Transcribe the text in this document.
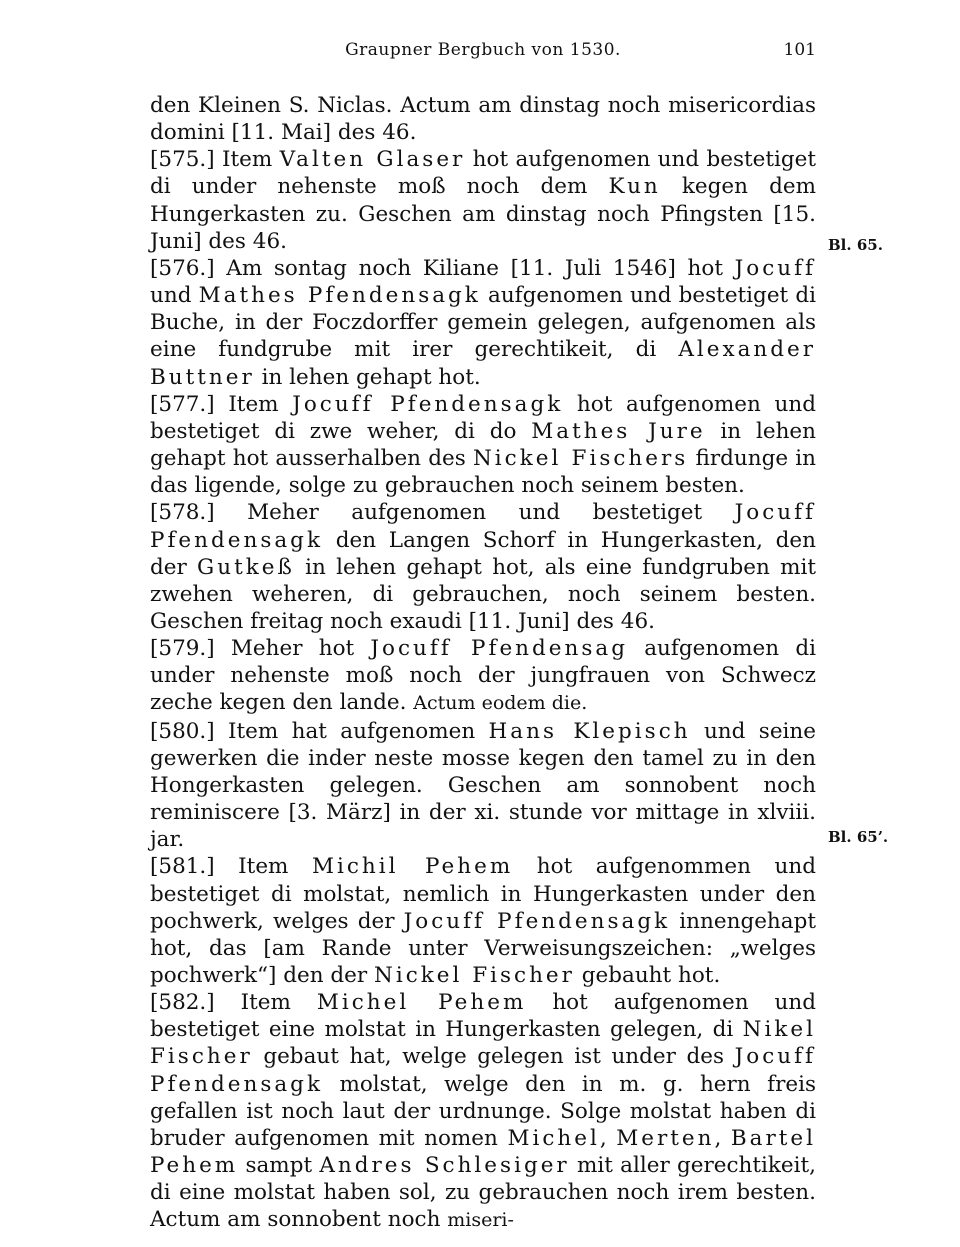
Graupner Bergbuch von 1530.	101
Bl. 65.
Bl. 65’.

den Kleinen S. Niclas. Actum am dinstag noch misericordias domini [11. Mai] des 46.

[575.] Item Valten Glaser hot aufgenomen und bestetiget di under nehenste moß noch dem Kun kegen dem Hungerkasten zu. Geschen am dinstag noch Pfingsten [15. Juni] des 46.

[576.] Am sontag noch Kiliane [11. Juli 1546] hot Jocuff und Mathes Pfendensagk aufgenomen und bestetiget di Buche, in der Foczdorffer gemein gelegen, aufgenomen als eine fundgrube mit irer gerechtikeit, di Alexander Buttner in lehen gehapt hot.

[577.] Item Jocuff Pfendensagk hot aufgenomen und bestetiget di zwe weher, di do Mathes Jure in lehen gehapt hot ausserhalben des Nickel Fischers firdunge in das ligende, solge zu gebrauchen noch seinem besten.

[578.] Meher aufgenomen und bestetiget Jocuff Pfendensagk den Langen Schorf in Hungerkasten, den der Gutkeß in lehen gehapt hot, als eine fundgruben mit zwehen weheren, di gebrauchen, noch seinem besten. Geschen freitag noch exaudi [11. Juni] des 46.

[579.] Meher hot Jocuff Pfendensag aufgenomen di under nehenste moß noch der jungfrauen von Schwecz zeche kegen den lande. Actum eodem die.

[580.] Item hat aufgenomen Hans Klepisch und seine gewerken die inder neste mosse kegen den tamel zu in den Hongerkasten gelegen. Geschen am sonnobent noch reminiscere [3. März] in der xi. stunde vor mittage in xlviii. jar.

[581.] Item Michil Pehem hot aufgenommen und bestetiget di molstat, nemlich in Hungerkasten under den pochwerk, welges der Jocuff Pfendensagk innengehapt hot, das [am Rande unter Verweisungszeichen: „welges pochwerk“] den der Nickel Fischer gebauht hot.

[582.] Item Michel Pehem hot aufgenomen und bestetiget eine molstat in Hungerkasten gelegen, di Nikel Fischer gebaut hat, welge gelegen ist under des Jocuff Pfendensagk molstat, welge den in m. g. hern freis gefallen ist noch laut der urdnunge. Solge molstat haben di bruder aufgenomen mit nomen Michel, Merten, Bartel Pehem sampt Andres Schlesiger mit aller gerechtikeit, di eine molstat haben sol, zu gebrauchen noch irem besten. Actum am sonnobent noch miseri-
